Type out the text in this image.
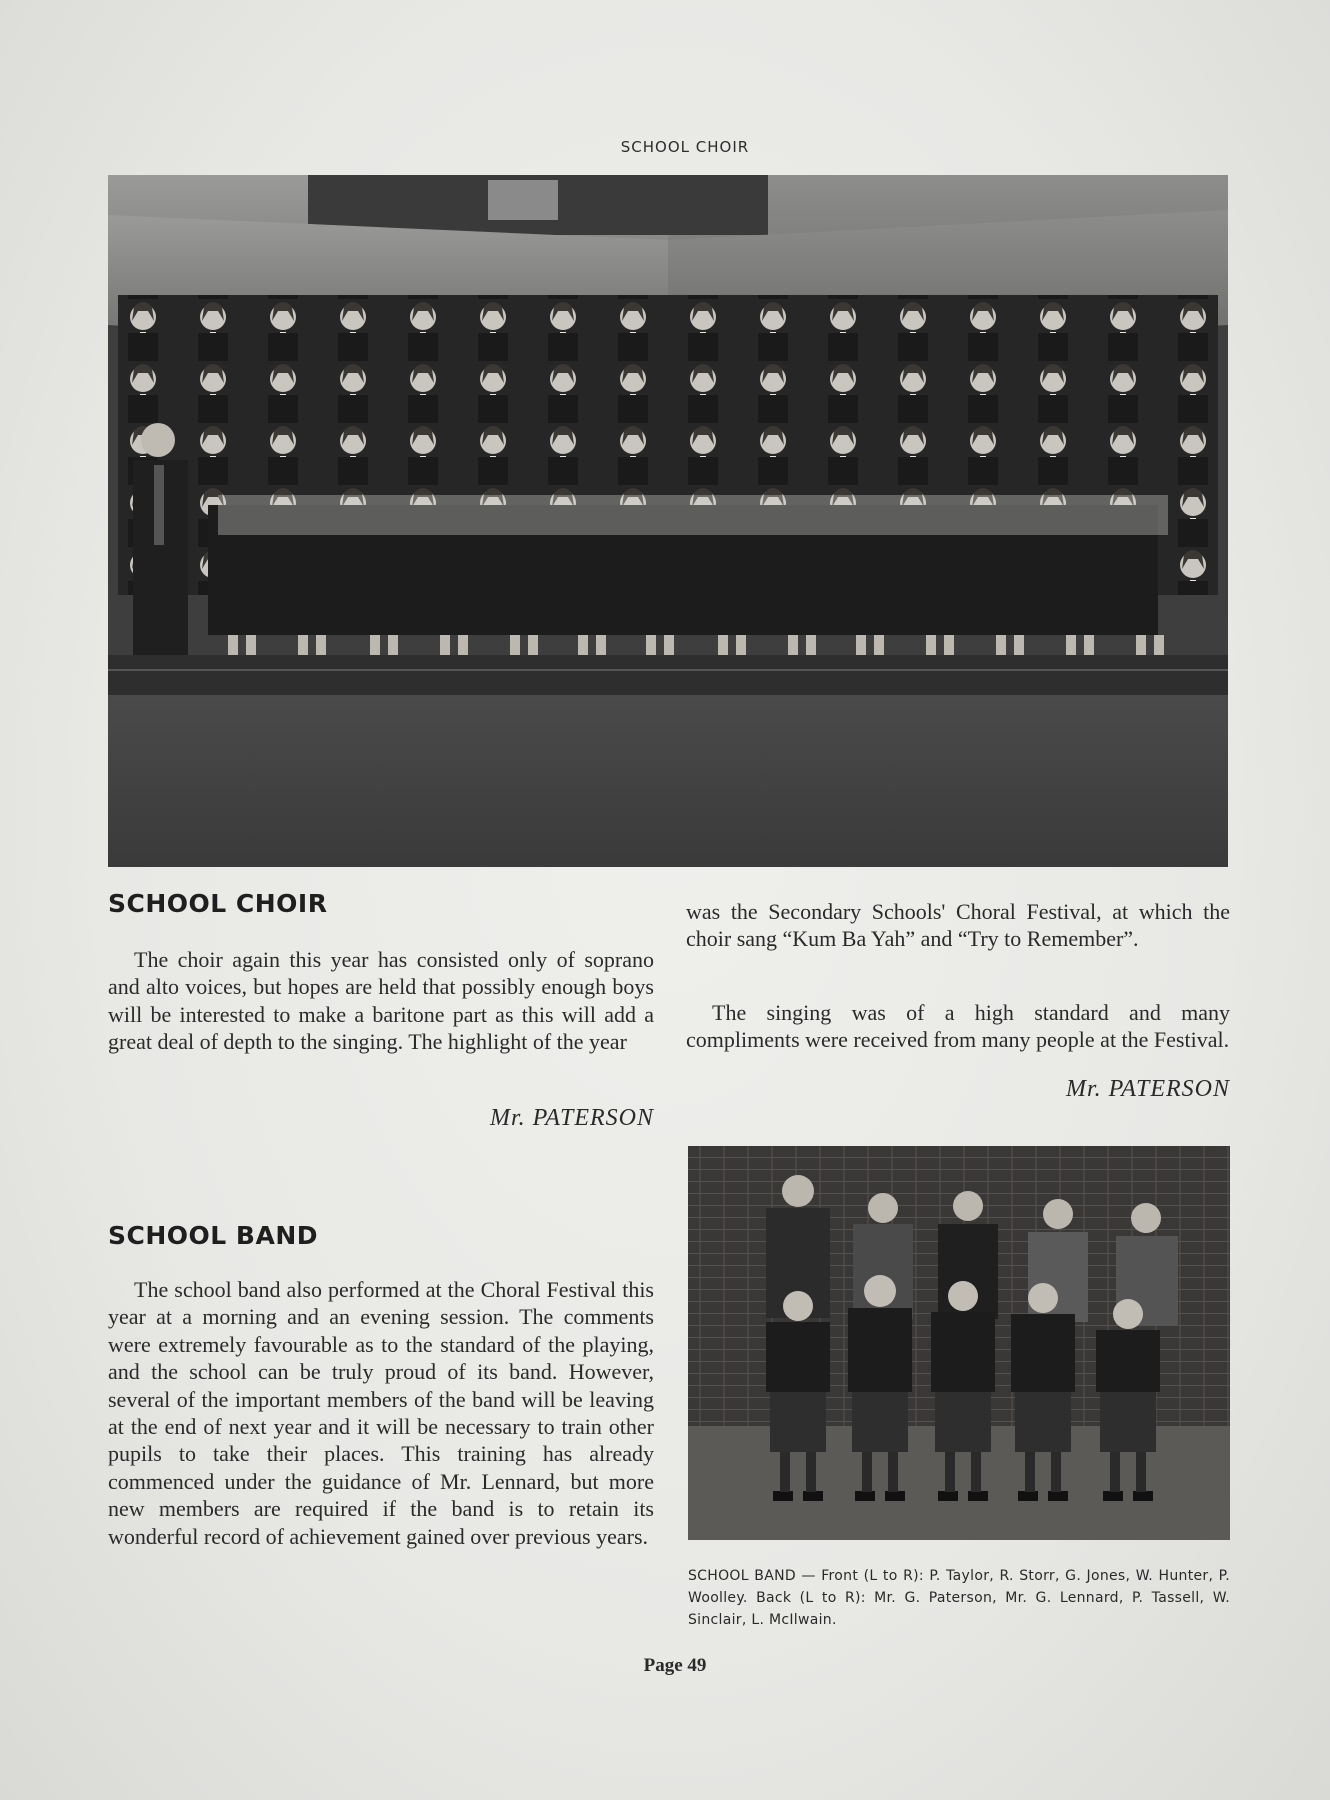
SCHOOL CHOIR
SCHOOL CHOIR

The choir again this year has consisted only of soprano and alto voices, but hopes are held that possibly enough boys will be interested to make a baritone part as this will add a great deal of depth to the singing. The highlight of the year

Mr. PATERSON

was the Secondary Schools' Choral Festival, at which the choir sang “Kum Ba Yah” and “Try to Remember”.

The singing was of a high standard and many compliments were received from many people at the Festival.

Mr. PATERSON
SCHOOL BAND

The school band also performed at the Choral Festival this year at a morning and an evening session. The comments were extremely favourable as to the standard of the playing, and the school can be truly proud of its band. However, several of the important members of the band will be leaving at the end of next year and it will be necessary to train other pupils to take their places. This training has already commenced under the guidance of Mr. Lennard, but more new members are required if the band is to retain its wonderful record of achievement gained over previous years.

SCHOOL BAND — Front (L to R): P. Taylor, R. Storr, G. Jones, W. Hunter, P. Woolley. Back (L to R): Mr. G. Paterson, Mr. G. Lennard, P. Tassell, W. Sinclair, L. McIlwain.
Page 49
